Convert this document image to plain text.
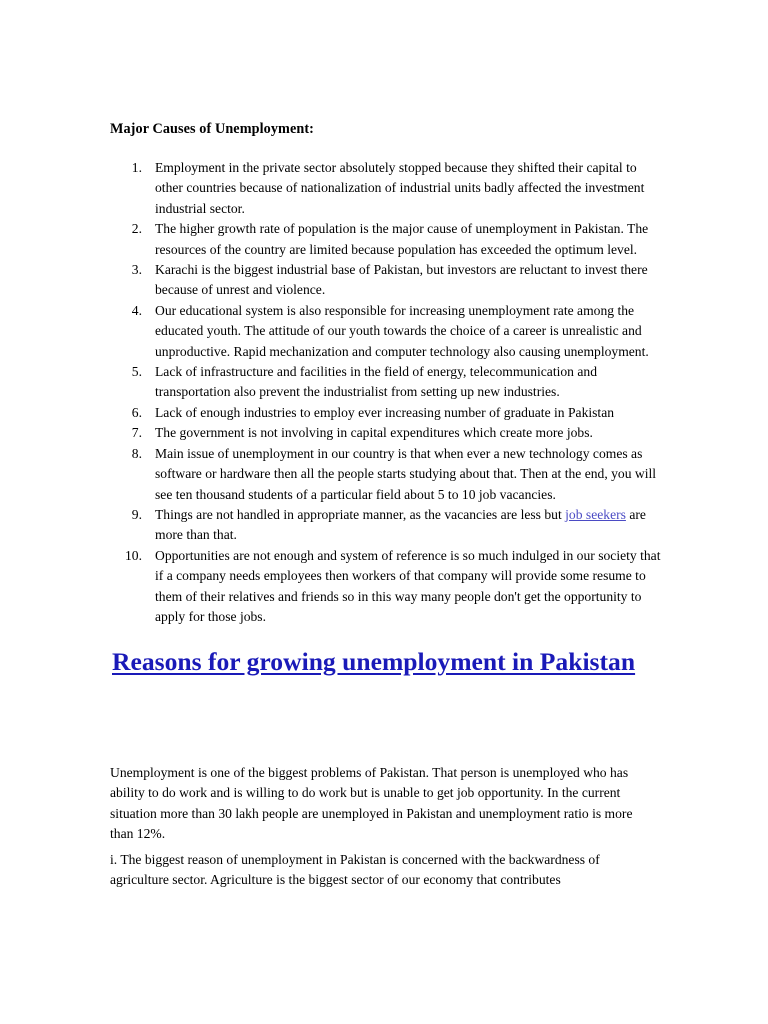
Major Causes of Unemployment:
1. Employment in the private sector absolutely stopped because they shifted their capital to other countries because of nationalization of industrial units badly affected the investment industrial sector.
2. The higher growth rate of population is the major cause of unemployment in Pakistan. The resources of the country are limited because population has exceeded the optimum level.
3. Karachi is the biggest industrial base of Pakistan, but investors are reluctant to invest there because of unrest and violence.
4. Our educational system is also responsible for increasing unemployment rate among the educated youth. The attitude of our youth towards the choice of a career is unrealistic and unproductive. Rapid mechanization and computer technology also causing unemployment.
5. Lack of infrastructure and facilities in the field of energy, telecommunication and transportation also prevent the industrialist from setting up new industries.
6. Lack of enough industries to employ ever increasing number of graduate in Pakistan
7. The government is not involving in capital expenditures which create more jobs.
8. Main issue of unemployment in our country is that when ever a new technology comes as software or hardware then all the people starts studying about that. Then at the end, you will see ten thousand students of a particular field about 5 to 10 job vacancies.
9. Things are not handled in appropriate manner, as the vacancies are less but job seekers are more than that.
10. Opportunities are not enough and system of reference is so much indulged in our society that if a company needs employees then workers of that company will provide some resume to them of their relatives and friends so in this way many people don't get the opportunity to apply for those jobs.
Reasons for growing unemployment in Pakistan
Unemployment is one of the biggest problems of Pakistan. That person is unemployed who has ability to do work and is willing to do work but is unable to get job opportunity. In the current situation more than 30 lakh people are unemployed in Pakistan and unemployment ratio is more than 12%.
i. The biggest reason of unemployment in Pakistan is concerned with the backwardness of agriculture sector. Agriculture is the biggest sector of our economy that contributes
